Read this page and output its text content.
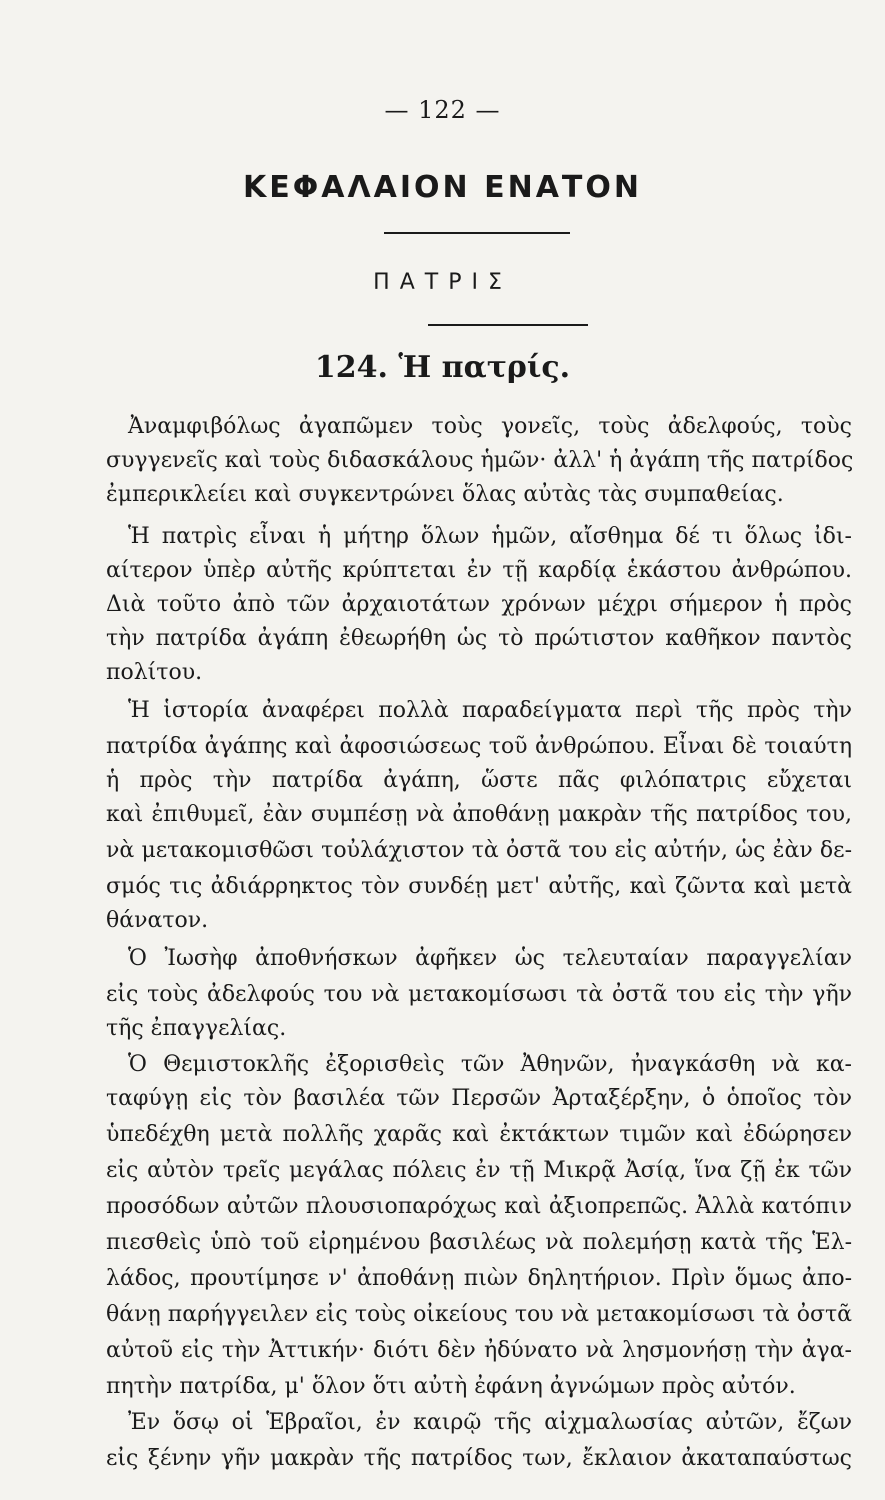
— 122 —
ΚΕΦΑΛΑΙΟΝ ΕΝΑΤΟΝ
ΠΑΤΡΙΣ
124. Ἡ πατρίς.
Ἀναμφιβόλως ἀγαπῶμεν τοὺς γονεῖς, τοὺς ἀδελφούς, τοὺς
συγγενεῖς καὶ τοὺς διδασκάλους ἡμῶν· ἀλλ' ἡ ἀγάπη τῆς πατρίδος
ἐμπερικλείει καὶ συγκεντρώνει ὅλας αὐτὰς τὰς συμπαθείας.
Ἡ πατρὶς εἶναι ἡ μήτηρ ὅλων ἡμῶν, αἴσθημα δέ τι ὅλως ἰδι-
αίτερον ὑπὲρ αὐτῆς κρύπτεται ἐν τῇ καρδίᾳ ἑκάστου ἀνθρώπου.
Διὰ τοῦτο ἀπὸ τῶν ἀρχαιοτάτων χρόνων μέχρι σήμερον ἡ πρὸς
τὴν πατρίδα ἀγάπη ἐθεωρήθη ὡς τὸ πρώτιστον καθῆκον παντὸς
πολίτου.
Ἡ ἱστορία ἀναφέρει πολλὰ παραδείγματα περὶ τῆς πρὸς τὴν
πατρίδα ἀγάπης καὶ ἀφοσιώσεως τοῦ ἀνθρώπου. Εἶναι δὲ τοιαύτη
ἡ πρὸς τὴν πατρίδα ἀγάπη, ὥστε πᾶς φιλόπατρις εὔχεται
καὶ ἐπιθυμεῖ, ἐὰν συμπέσῃ νὰ ἀποθάνῃ μακρὰν τῆς πατρίδος του,
νὰ μετακομισθῶσι τοὐλάχιστον τὰ ὀστᾶ του εἰς αὐτήν, ὡς ἐὰν δε-
σμός τις ἀδιάρρηκτος τὸν συνδέῃ μετ' αὐτῆς, καὶ ζῶντα καὶ μετὰ
θάνατον.
Ὁ Ἰωσὴφ ἀποθνήσκων ἀφῆκεν ὡς τελευταίαν παραγγελίαν
εἰς τοὺς ἀδελφούς του νὰ μετακομίσωσι τὰ ὀστᾶ του εἰς τὴν γῆν
τῆς ἐπαγγελίας.
Ὁ Θεμιστοκλῆς ἐξορισθεὶς τῶν Ἀθηνῶν, ἠναγκάσθη νὰ κα-
ταφύγῃ εἰς τὸν βασιλέα τῶν Περσῶν Ἀρταξέρξην, ὁ ὁποῖος τὸν
ὑπεδέχθη μετὰ πολλῆς χαρᾶς καὶ ἐκτάκτων τιμῶν καὶ ἐδώρησεν
εἰς αὐτὸν τρεῖς μεγάλας πόλεις ἐν τῇ Μικρᾷ Ἀσίᾳ, ἵνα ζῇ ἐκ τῶν
προσόδων αὐτῶν πλουσιοπαρόχως καὶ ἀξιοπρεπῶς. Ἀλλὰ κατόπιν
πιεσθεὶς ὑπὸ τοῦ εἰρημένου βασιλέως νὰ πολεμήσῃ κατὰ τῆς Ἑλ-
λάδος, προυτίμησε ν' ἀποθάνῃ πιὼν δηλητήριον. Πρὶν ὅμως ἀπο-
θάνῃ παρήγγειλεν εἰς τοὺς οἰκείους του νὰ μετακομίσωσι τὰ ὀστᾶ
αὐτοῦ εἰς τὴν Ἀττικήν· διότι δὲν ἠδύνατο νὰ λησμονήσῃ τὴν ἀγα-
πητὴν πατρίδα, μ' ὅλον ὅτι αὐτὴ ἐφάνη ἀγνώμων πρὸς αὐτόν.
Ἐν ὅσῳ οἱ Ἑβραῖοι, ἐν καιρῷ τῆς αἰχμαλωσίας αὐτῶν, ἔζων
εἰς ξένην γῆν μακρὰν τῆς πατρίδος των, ἔκλαιον ἀκαταπαύστως
